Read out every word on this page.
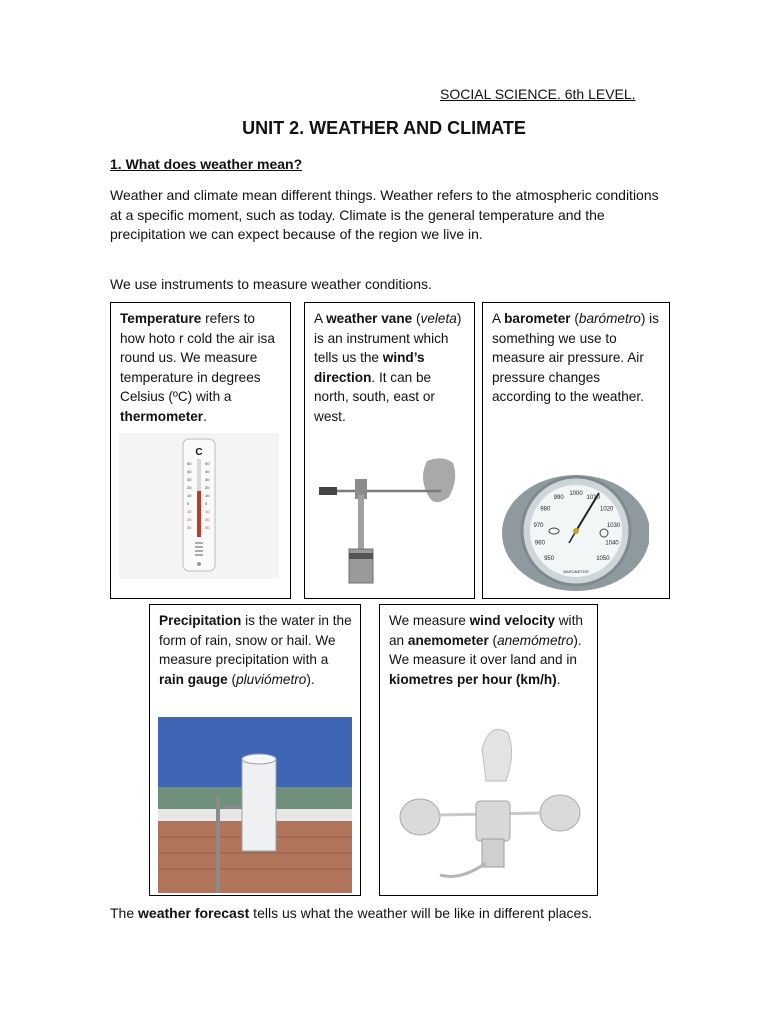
SOCIAL SCIENCE. 6th LEVEL.
UNIT 2. WEATHER AND CLIMATE
1. What does weather mean?
Weather and climate mean different things. Weather refers to the atmospheric conditions at a specific moment, such as today. Climate is the general temperature and the precipitation we can expect because of the region we live in.
We use instruments to measure weather conditions.
Temperature refers to how hoto r cold the air isa round us. We measure temperature in degrees Celsius (ºC) with a thermometer.
C
50
40
30
20
10
0
10
20
30
50
40
30
20
10
0
10
20
30
A weather vane (veleta) is an instrument which tells us the wind’s direction. It can be north, south, east or west.
A barometer (barómetro) is something we use to measure air pressure. Air pressure changes according to the weather.
950
960
970
980
990
1000
1010
1020
1030
1040
1050
BAROMETER
Precipitation is the water in the form of rain, snow or hail. We measure precipitation with a rain gauge (pluviómetro).
We measure wind velocity with an anemometer (anemómetro). We measure it over land and in kiometres per hour (km/h).
The weather forecast tells us what the weather will be like in different places.
